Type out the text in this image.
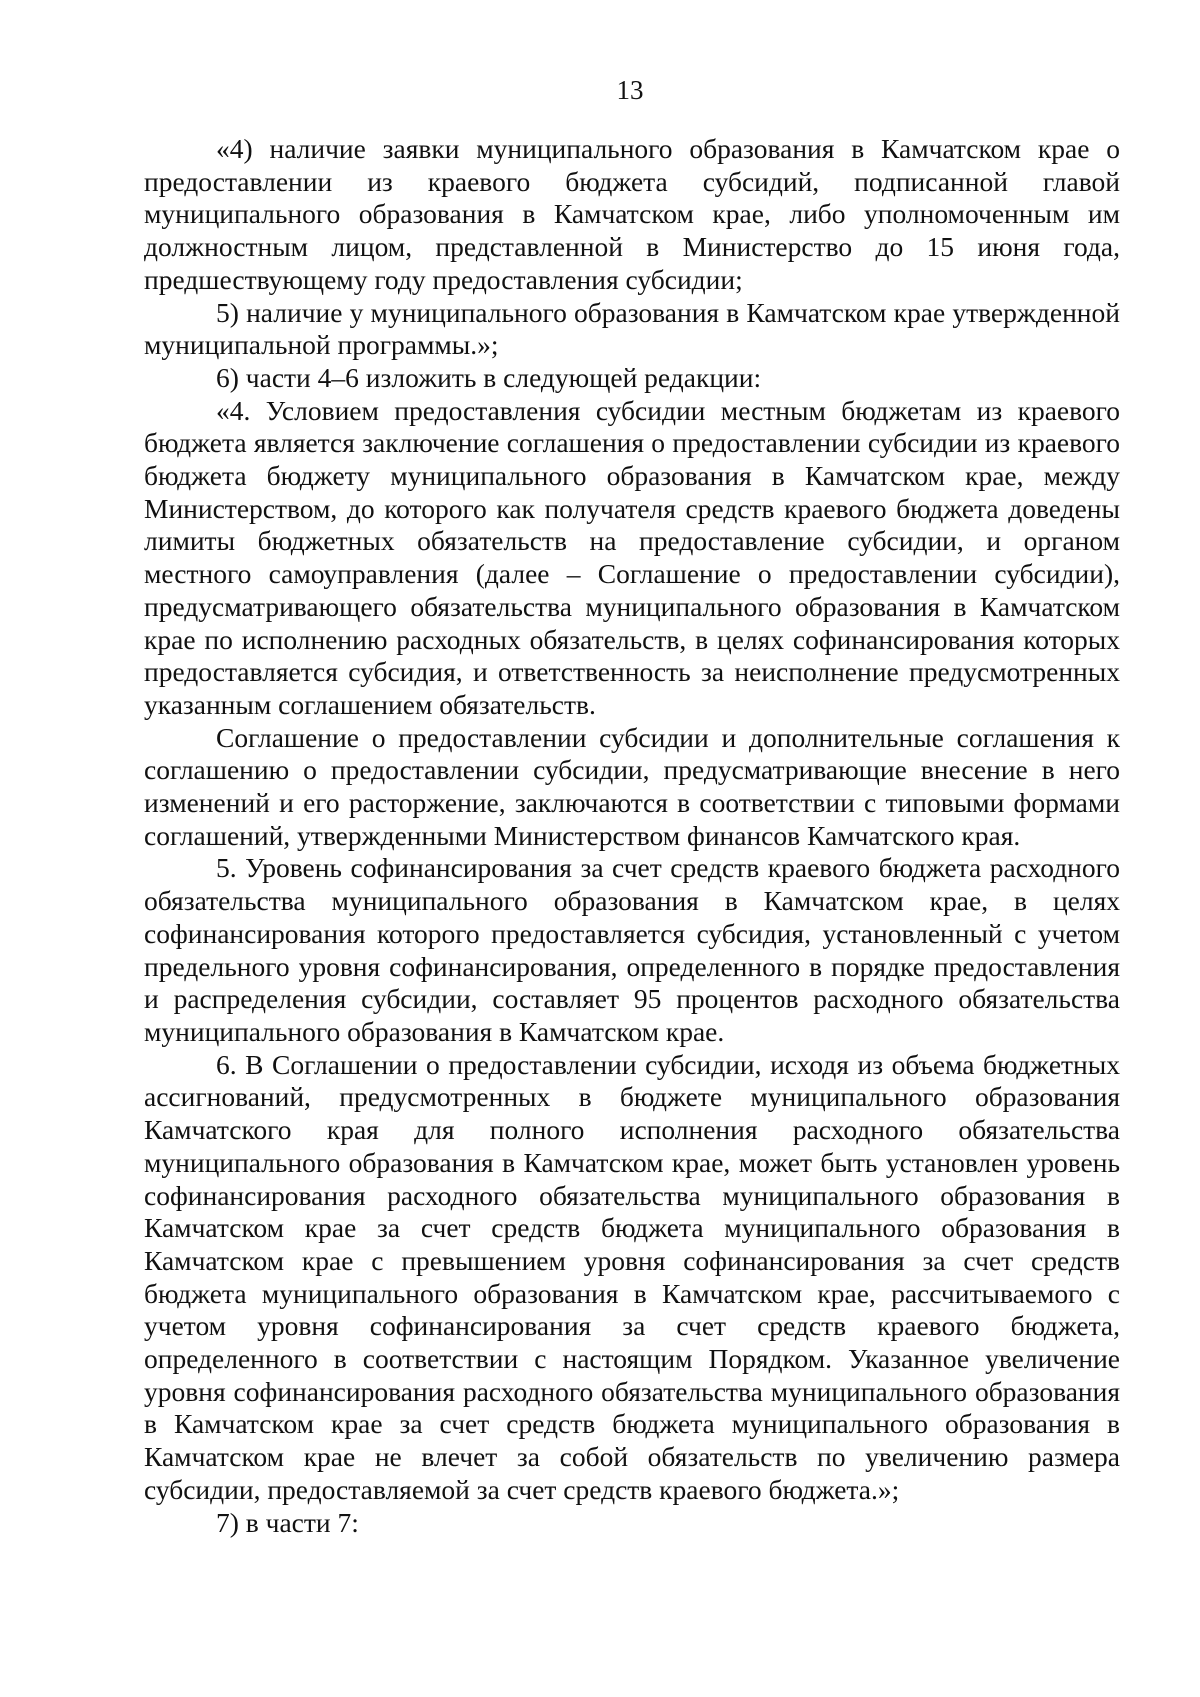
13

«4) наличие заявки муниципального образования в Камчатском крае о предоставлении из краевого бюджета субсидий, подписанной главой муниципального образования в Камчатском крае, либо уполномоченным им должностным лицом, представленной в Министерство до 15 июня года, предшествующему году предоставления субсидии;

5) наличие у муниципального образования в Камчатском крае утвержденной муниципальной программы.»;

6) части 4–6 изложить в следующей редакции:

«4. Условием предоставления субсидии местным бюджетам из краевого бюджета является заключение соглашения о предоставлении субсидии из краевого бюджета бюджету муниципального образования в Камчатском крае, между Министерством, до которого как получателя средств краевого бюджета доведены лимиты бюджетных обязательств на предоставление субсидии, и органом местного самоуправления (далее – Соглашение о предоставлении субсидии), предусматривающего обязательства муниципального образования в Камчатском крае по исполнению расходных обязательств, в целях софинансирования которых предоставляется субсидия, и ответственность за неисполнение предусмотренных указанным соглашением обязательств.

Соглашение о предоставлении субсидии и дополнительные соглашения к соглашению о предоставлении субсидии, предусматривающие внесение в него изменений и его расторжение, заключаются в соответствии с типовыми формами соглашений, утвержденными Министерством финансов Камчатского края.

5. Уровень софинансирования за счет средств краевого бюджета расходного обязательства муниципального образования в Камчатском крае, в целях софинансирования которого предоставляется субсидия, установленный с учетом предельного уровня софинансирования, определенного в порядке предоставления и распределения субсидии, составляет 95 процентов расходного обязательства муниципального образования в Камчатском крае.

6. В Соглашении о предоставлении субсидии, исходя из объема бюджетных ассигнований, предусмотренных в бюджете муниципального образования Камчатского края для полного исполнения расходного обязательства муниципального образования в Камчатском крае, может быть установлен уровень софинансирования расходного обязательства муниципального образования в Камчатском крае за счет средств бюджета муниципального образования в Камчатском крае с превышением уровня софинансирования за счет средств бюджета муниципального образования в Камчатском крае, рассчитываемого с учетом уровня софинансирования за счет средств краевого бюджета, определенного в соответствии с настоящим Порядком. Указанное увеличение уровня софинансирования расходного обязательства муниципального образования в Камчатском крае за счет средств бюджета муниципального образования в Камчатском крае не влечет за собой обязательств по увеличению размера субсидии, предоставляемой за счет средств краевого бюджета.»;

7) в части 7:
